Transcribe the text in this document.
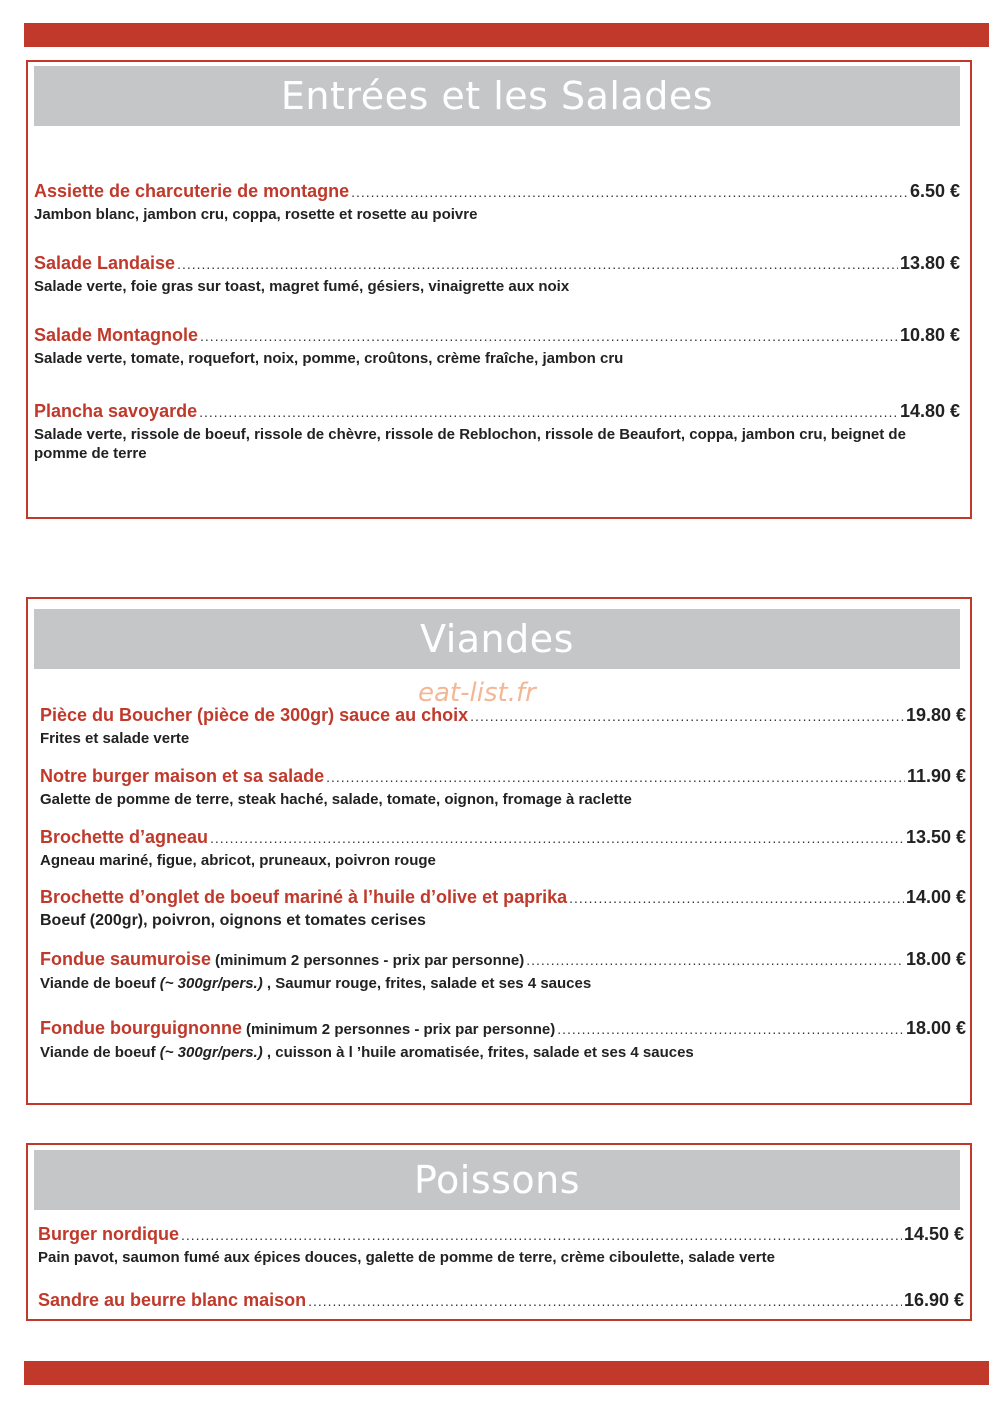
Entrées et les Salades
Assiette de charcuterie de montagne .....	6.50 €
Jambon blanc, jambon cru, coppa, rosette et rosette au poivre
Salade Landaise .....	13.80 €
Salade verte, foie gras sur toast, magret fumé, gésiers, vinaigrette aux noix
Salade Montagnole .....	10.80 €
Salade verte, tomate, roquefort, noix, pomme, croûtons, crème fraîche, jambon cru
Plancha savoyarde .....	14.80 €
Salade verte, rissole de boeuf, rissole de chèvre, rissole de Reblochon, rissole de Beaufort, coppa, jambon cru, beignet de pomme de terre
Viandes
Pièce du Boucher (pièce de 300gr) sauce au choix .....	19.80 €
Frites et salade verte
Notre burger maison et sa salade .....	11.90 €
Galette de pomme de terre, steak haché, salade, tomate, oignon, fromage à raclette
Brochette d’agneau .....	13.50 €
Agneau mariné, figue, abricot, pruneaux, poivron rouge
Brochette d’onglet de boeuf mariné à l’huile d’olive et paprika .....	14.00 €
Boeuf (200gr), poivron, oignons et tomates cerises
Fondue saumuroise (minimum 2 personnes - prix par personne) .....	18.00 €
Viande de boeuf (~ 300gr/pers.) , Saumur rouge, frites, salade et ses 4 sauces
Fondue bourguignonne (minimum 2 personnes - prix par personne) .....	18.00 €
Viande de boeuf (~ 300gr/pers.) , cuisson à l ’huile aromatisée, frites, salade et ses 4 sauces
Poissons
Burger nordique .....	14.50 €
Pain pavot, saumon fumé aux épices douces, galette de pomme de terre, crème ciboulette, salade verte
Sandre au beurre blanc maison .....	16.90 €
eat-list.fr
